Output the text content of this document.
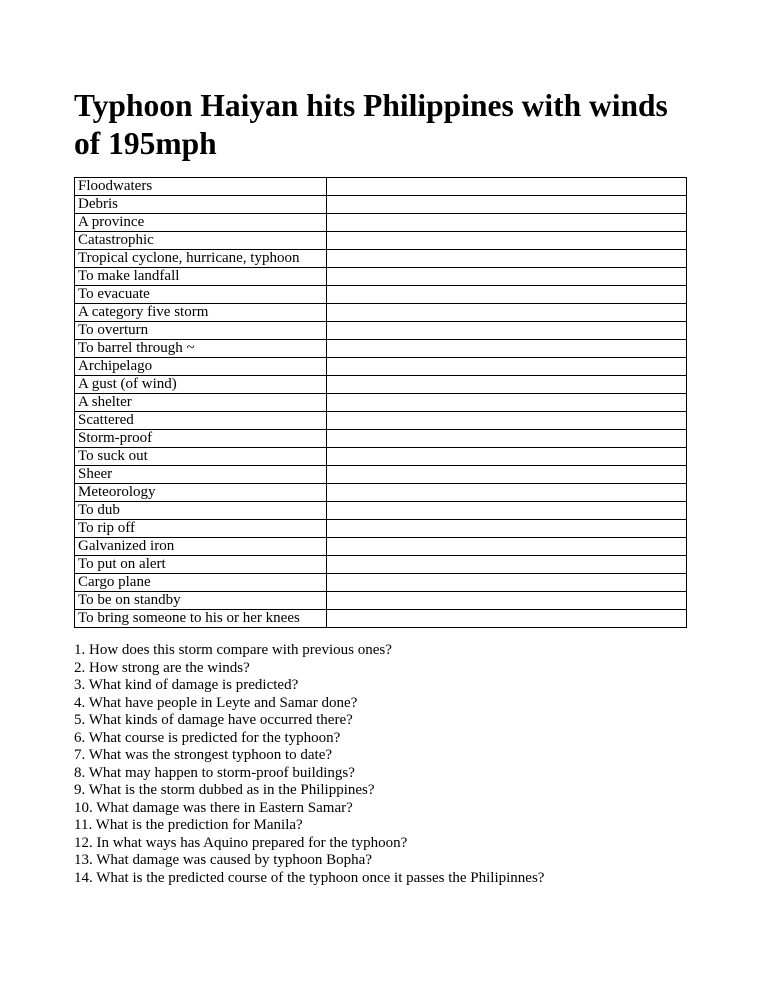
Typhoon Haiyan hits Philippines with winds of 195mph
Floodwaters	
Debris	
A province	
Catastrophic	
Tropical cyclone, hurricane, typhoon	
To make landfall	
To evacuate	
A category five storm	
To overturn	
To barrel through ~	
Archipelago	
A gust (of wind)	
A shelter	
Scattered	
Storm-proof	
To suck out	
Sheer	
Meteorology	
To dub	
To rip off	
Galvanized iron	
To put on alert	
Cargo plane	
To be on standby	
To bring someone to his or her knees	
1. How does this storm compare with previous ones?
2. How strong are the winds?
3. What kind of damage is predicted?
4. What have people in Leyte and Samar done?
5. What kinds of damage have occurred there?
6. What course is predicted for the typhoon?
7. What was the strongest typhoon to date?
8. What may happen to storm-proof buildings?
9. What is the storm dubbed as in the Philippines?
10. What damage was there in Eastern Samar?
11. What is the prediction for Manila?
12. In what ways has Aquino prepared for the typhoon?
13. What damage was caused by typhoon Bopha?
14. What is the predicted course of the typhoon once it passes the Philipinnes?
